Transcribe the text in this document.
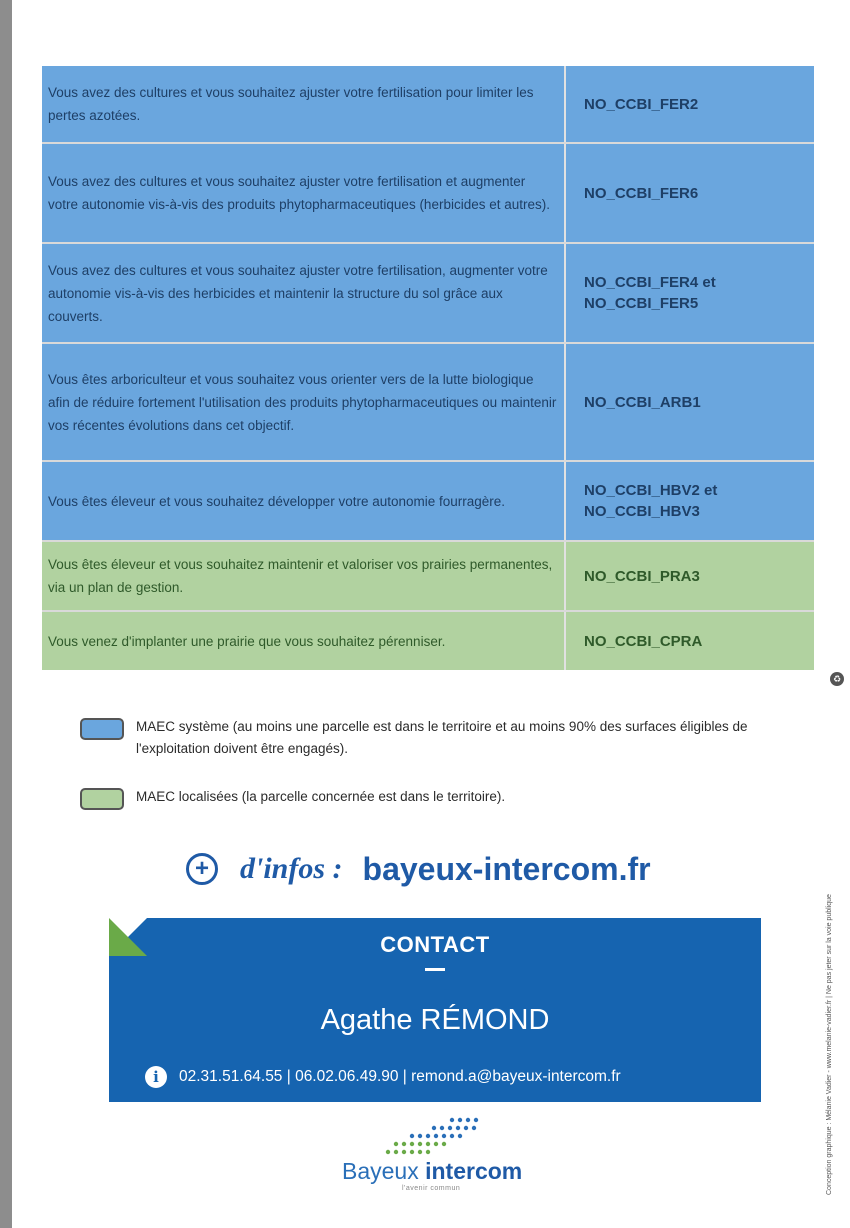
Vous avez des cultures et vous souhaitez ajuster votre fertilisation pour limiter les pertes azotées.
NO_CCBI_FER2
Vous avez des cultures et vous souhaitez ajuster votre fertilisation et augmenter votre autonomie vis-à-vis des produits phytopharmaceutiques (herbicides et autres).
NO_CCBI_FER6
Vous avez des cultures et vous souhaitez ajuster votre fertilisation, augmenter votre autonomie vis-à-vis des herbicides et maintenir la structure du sol grâce aux couverts.
NO_CCBI_FER4 et NO_CCBI_FER5
Vous êtes arboriculteur et vous souhaitez vous orienter vers de la lutte biologique afin de réduire fortement l'utilisation des produits phytopharmaceutiques ou maintenir vos récentes évolutions dans cet objectif.
NO_CCBI_ARB1
Vous êtes éleveur et vous souhaitez développer votre autonomie fourragère.
NO_CCBI_HBV2 et NO_CCBI_HBV3
Vous êtes éleveur et vous souhaitez maintenir et valoriser vos prairies permanentes, via un plan de gestion.
NO_CCBI_PRA3
Vous venez d'implanter une prairie que vous souhaitez pérenniser.	NO_CCBI_CPRA
MAEC système (au moins une parcelle est dans le territoire et au moins 90% des surfaces éligibles de l'exploitation doivent être engagés).
MAEC localisées (la parcelle concernée est dans le territoire).
+	d'infos : bayeux-intercom.fr
CONTACT
Agathe RÉMOND
i	02.31.51.64.55 | 06.02.06.49.90 | remond.a@bayeux-intercom.fr
Bayeux intercom
l'avenir commun
♻
Conception graphique : Mélanie Vadier - www.melanie-vadier.fr | Ne pas jeter sur la voie publique
